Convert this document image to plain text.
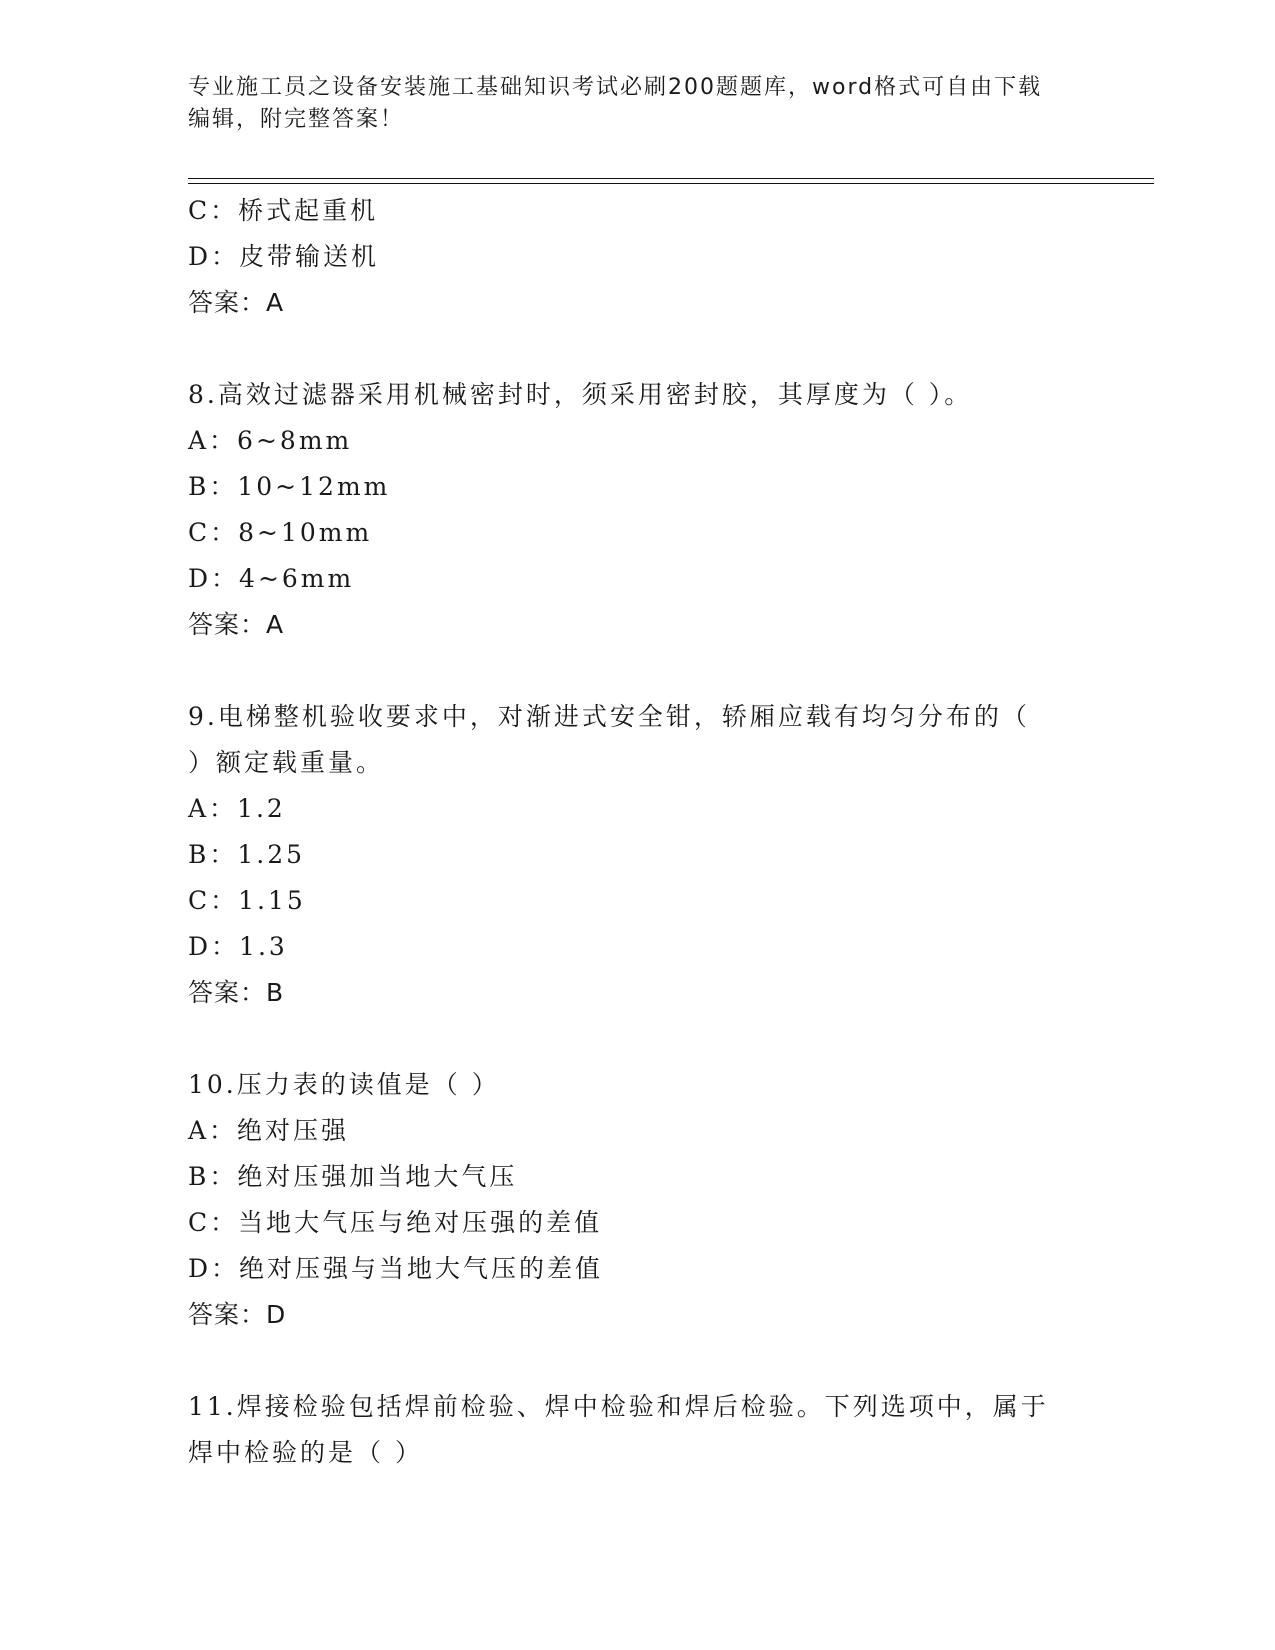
专业施工员之设备安装施工基础知识考试必刷200题题库，word格式可自由下载
编辑，附完整答案！
C：桥式起重机
D：皮带输送机
答案：A
8.高效过滤器采用机械密封时，须采用密封胶，其厚度为（ ）。
A：6~8mm
B：10~12mm
C：8~10mm
D：4~6mm
答案：A
9.电梯整机验收要求中，对渐进式安全钳，轿厢应载有均匀分布的（
）额定载重量。
A：1.2
B：1.25
C：1.15
D：1.3
答案：B
10.压力表的读值是（ ）
A：绝对压强
B：绝对压强加当地大气压
C：当地大气压与绝对压强的差值
D：绝对压强与当地大气压的差值
答案：D
11.焊接检验包括焊前检验、焊中检验和焊后检验。下列选项中，属于
焊中检验的是（ ）
